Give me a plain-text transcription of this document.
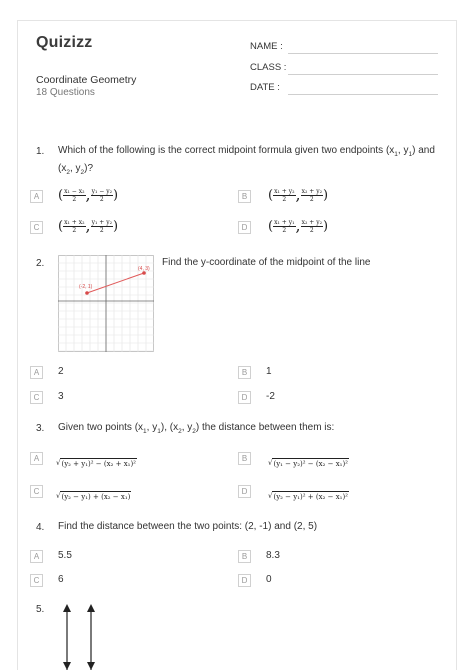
Quizizz
Coordinate Geometry
18 Questions
NAME :
CLASS :
DATE :
1. Which of the following is the correct midpoint formula given two endpoints ($x_1$, $y_1$) and
($x_2$, $y_2$)?
A ( $\frac{\text{x₁ − x₂}}{2}$ , $\frac{\text{y₁ − y₂}}{2}$ )	B ( $\frac{\text{x₁ + y₂}}{2}$ , $\frac{\text{x₂ + y₂}}{2}$ )
C ( $\frac{\text{x₁ + x₂}}{2}$ , $\frac{\text{y₁ + y₂}}{2}$ )	D ( $\frac{\text{x₁ + y₁}}{2}$ , $\frac{\text{x₂ + y₂}}{2}$ )
2.
(-2, 1)
(4, 3)
Find the y-coordinate of the midpoint of the line
A	2	B	1
C	3	D	-2
3. Given two points ($x_1$, $y_1$), ($x_2$, $y_2$) the distance between them is:
A	√ (y₂ + y₁)² − (x₂ + x₁)²
B	√ (y₁ − y₂)² − (x₂ − x₁)²
C	√ (y₂ − y₁) + (x₂ − x₁)
D	√ (y₂ − y₁)² + (x₂ − x₁)²
4. Find the distance between the two points: (2, -1) and (2, 5)
A	5.5	B	8.3
C	6	D	0
5.
